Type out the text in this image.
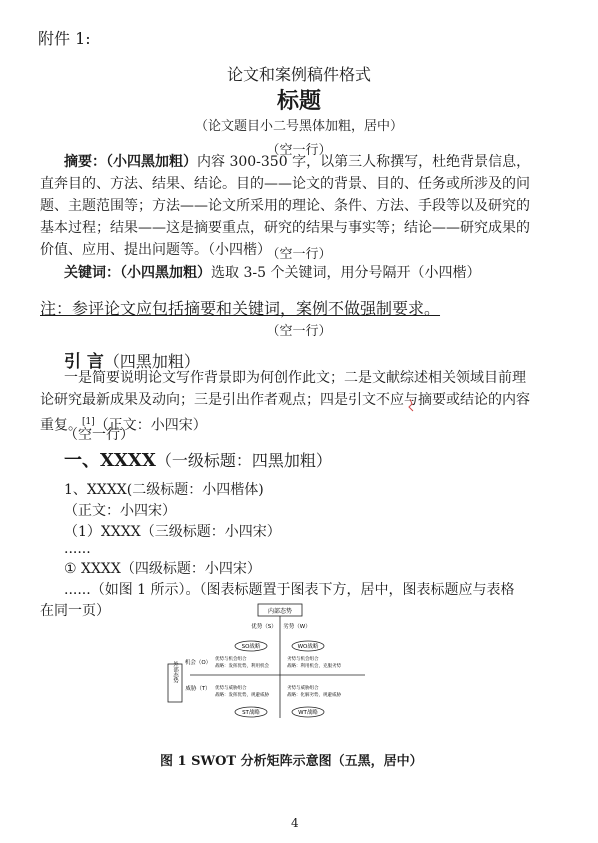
附件 1:
论文和案例稿件格式
标题
（论文题目小二号黑体加粗，居中）
（空一行）
摘要：（小四黑加粗）内容 300-350 字，以第三人称撰写，杜绝背景信息，
直奔目的、方法、结果、结论。目的——论文的背景、目的、任务或所涉及的问
题、主题范围等；方法——论文所采用的理论、条件、方法、手段等以及研究的
基本过程；结果——这是摘要重点，研究的结果与事实等；结论——研究成果的
价值、应用、提出问题等。（小四楷）
（空一行）
关键词：（小四黑加粗）选取 3-5 个关键词，用分号隔开（小四楷）
注：参评论文应包括摘要和关键词，案例不做强制要求。
（空一行）
引 言（四黑加粗）
一是简要说明论文写作背景即为何创作此文；二是文献综述相关领域目前理
论研究最新成果及动向；三是引出作者观点；四是引文不应与摘要或结论的内容
重复。[1]（正文：小四宋）
（空一行）
一、XXXX（一级标题：四黑加粗）
1、XXXX(二级标题：小四楷体)
（正文：小四宋）
（1）XXXX（三级标题：小四宋）
......
① XXXX（四级标题：小四宋）
......（如图 1 所示）。（图表标题置于图表下方，居中，图表标题应与表格
在同一页）	内部态势
优势（S） 劣势（W）
SO战略	WO战略
外部态势 机会（O）
威胁（T）
优势与机会组合
战略：发挥优势，利用机会
劣势与机会组合
战略：利用机会，克服劣势
优势与威胁组合
战略：发挥优势，规避威胁
劣势与威胁组合
战略：化解劣势，规避威胁
ST战略	WT战略
图 1 SWOT 分析矩阵示意图（五黑，居中）
4
